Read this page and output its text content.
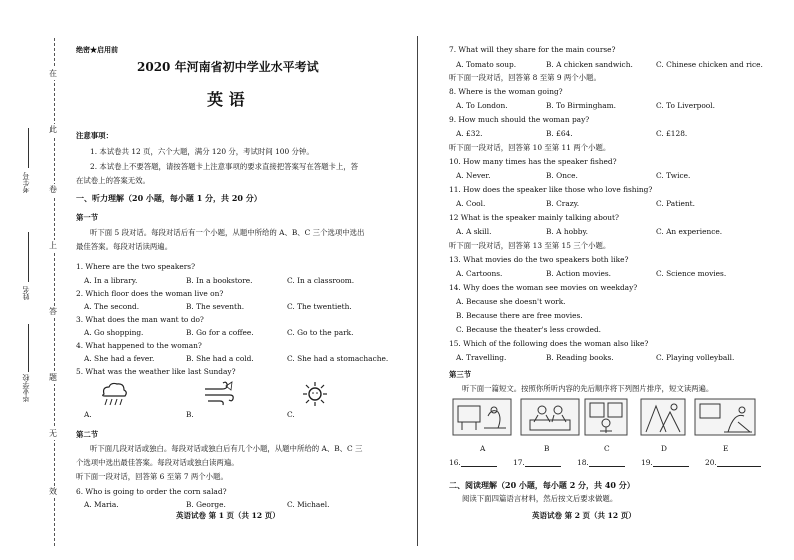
在
此
卷
上
答
题
无
效
考生号
姓名
毕业学校
绝密★启用前
2020 年河南省初中学业水平考试
英 语
注意事项：
1. 本试卷共 12 页，六个大题，满分 120 分，考试时间 100 分钟。
2. 本试卷上不要答题，请按答题卡上注意事项的要求直接把答案写在答题卡上，答
在试卷上的答案无效。
一、听力理解（20 小题，每小题 1 分，共 20 分）
第一节
听下面 5 段对话。每段对话后有一个小题，从题中所给的 A、B、C 三个选项中选出
最佳答案。每段对话读两遍。
1. Where are the two speakers?
A. In a library.	B. In a bookstore.	C. In a classroom.
2. Which floor does the woman live on?
A. The second.	B. The seventh.	C. The twentieth.
3. What does the man want to do?
A. Go shopping.	B. Go for a coffee.	C. Go to the park.
4. What happened to the woman?
A. She had a fever.	B. She had a cold.	C. She had a stomachache.
5. What was the weather like last Sunday?
A.	B.	C.
第二节
听下面几段对话或独白。每段对话或独白后有几个小题，从题中所给的 A、B、C 三
个选项中选出最佳答案。每段对话或独白读两遍。
听下面一段对话，回答第 6 至第 7 两个小题。
6. Who is going to order the corn salad?
A. Maria.	B. George.	C. Michael.
英语试卷 第 1 页（共 12 页）
7. What will they share for the main course?
A. Tomato soup.	B. A chicken sandwich.	C. Chinese chicken and rice.
听下面一段对话，回答第 8 至第 9 两个小题。
8. Where is the woman going?
A. To London.	B. To Birmingham.	C. To Liverpool.
9. How much should the woman pay?
A. £32.	B. £64.	C. £128.
听下面一段对话，回答第 10 至第 11 两个小题。
10. How many times has the speaker fished?
A. Never.	B. Once.	C. Twice.
11. How does the speaker like those who love fishing?
A. Cool.	B. Crazy.	C. Patient.
12 What is the speaker mainly talking about?
A. A skill.	B. A hobby.	C. An experience.
听下面一段对话，回答第 13 至第 15 三个小题。
13. What movies do the two speakers both like?
A. Cartoons.	B. Action movies.	C. Science movies.
14. Why does the woman see movies on weekday?
A. Because she doesn't work.
B. Because there are free movies.
C. Because the theater's less crowded.
15. Which of the following does the woman also like?
A. Travelling.	B. Reading books.	C. Playing volleyball.
第三节
听下面一篇短文。按照你所听内容的先后顺序将下列图片排序，短文读两遍。
A	B	C	D	E
16.	17.	18.	19.	20.
二、阅读理解（20 小题，每小题 2 分，共 40 分）
阅读下面四篇语言材料，然后按文后要求做题。
英语试卷 第 2 页（共 12 页）
